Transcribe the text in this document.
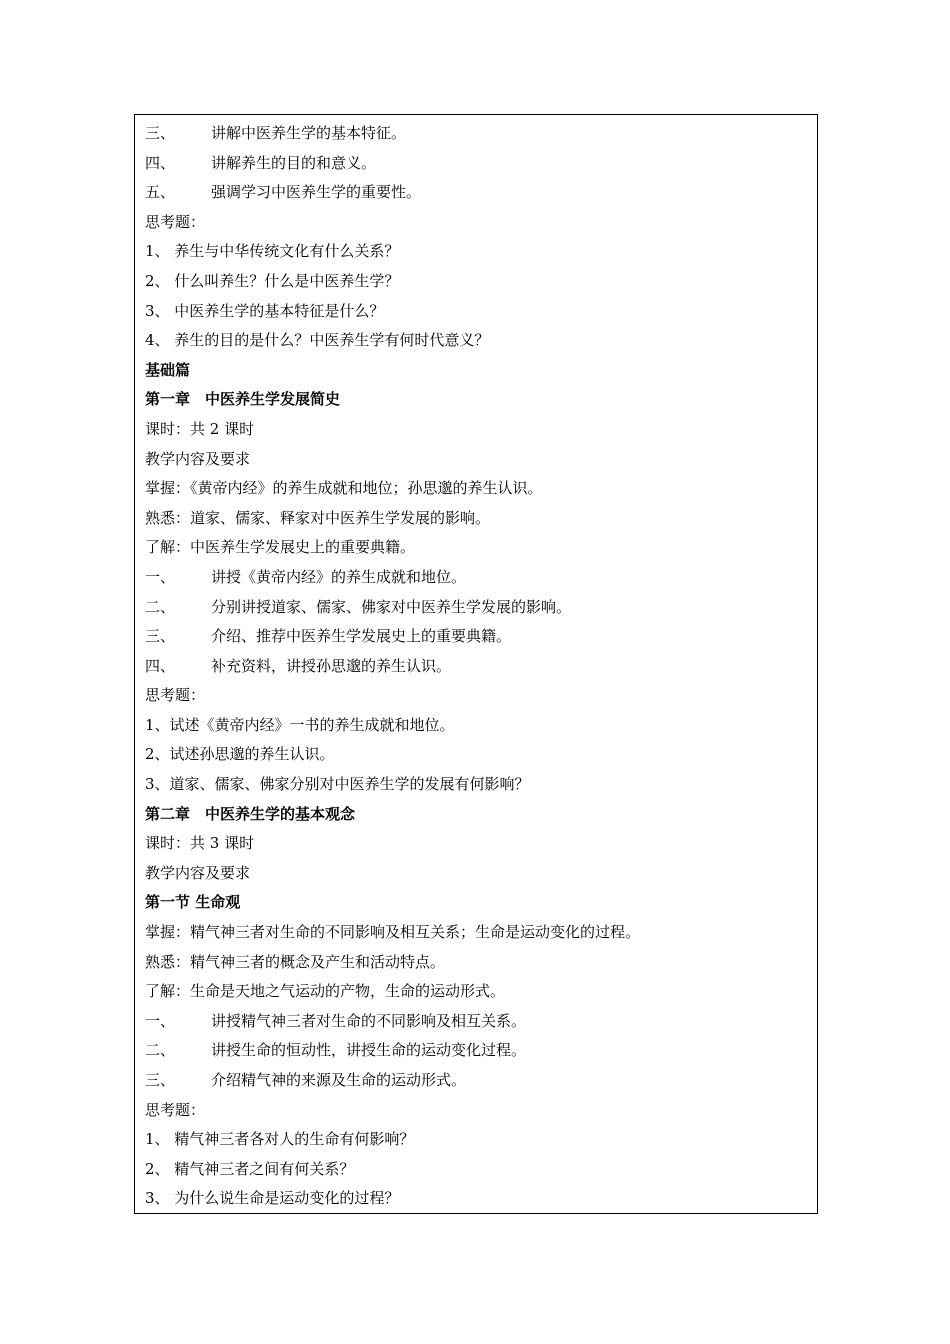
三、	讲解中医养生学的基本特征。
四、	讲解养生的目的和意义。
五、	强调学习中医养生学的重要性。
思考题：
1、 养生与中华传统文化有什么关系？
2、 什么叫养生？什么是中医养生学？
3、 中医养生学的基本特征是什么？
4、 养生的目的是什么？中医养生学有何时代意义？
基础篇
第一章　中医养生学发展简史
课时：共 2 课时
教学内容及要求
掌握：《黄帝内经》的养生成就和地位；孙思邈的养生认识。
熟悉：道家、儒家、释家对中医养生学发展的影响。
了解：中医养生学发展史上的重要典籍。
一、	讲授《黄帝内经》的养生成就和地位。
二、	分别讲授道家、儒家、佛家对中医养生学发展的影响。
三、	介绍、推荐中医养生学发展史上的重要典籍。
四、	补充资料，讲授孙思邈的养生认识。
思考题：
1、试述《黄帝内经》一书的养生成就和地位。
2、试述孙思邈的养生认识。
3、道家、儒家、佛家分别对中医养生学的发展有何影响？
第二章　中医养生学的基本观念
课时：共 3 课时
教学内容及要求
第一节 生命观
掌握：精气神三者对生命的不同影响及相互关系；生命是运动变化的过程。
熟悉：精气神三者的概念及产生和活动特点。
了解：生命是天地之气运动的产物，生命的运动形式。
一、	讲授精气神三者对生命的不同影响及相互关系。
二、	讲授生命的恒动性，讲授生命的运动变化过程。
三、	介绍精气神的来源及生命的运动形式。
思考题：
1、 精气神三者各对人的生命有何影响？
2、 精气神三者之间有何关系？
3、 为什么说生命是运动变化的过程？
